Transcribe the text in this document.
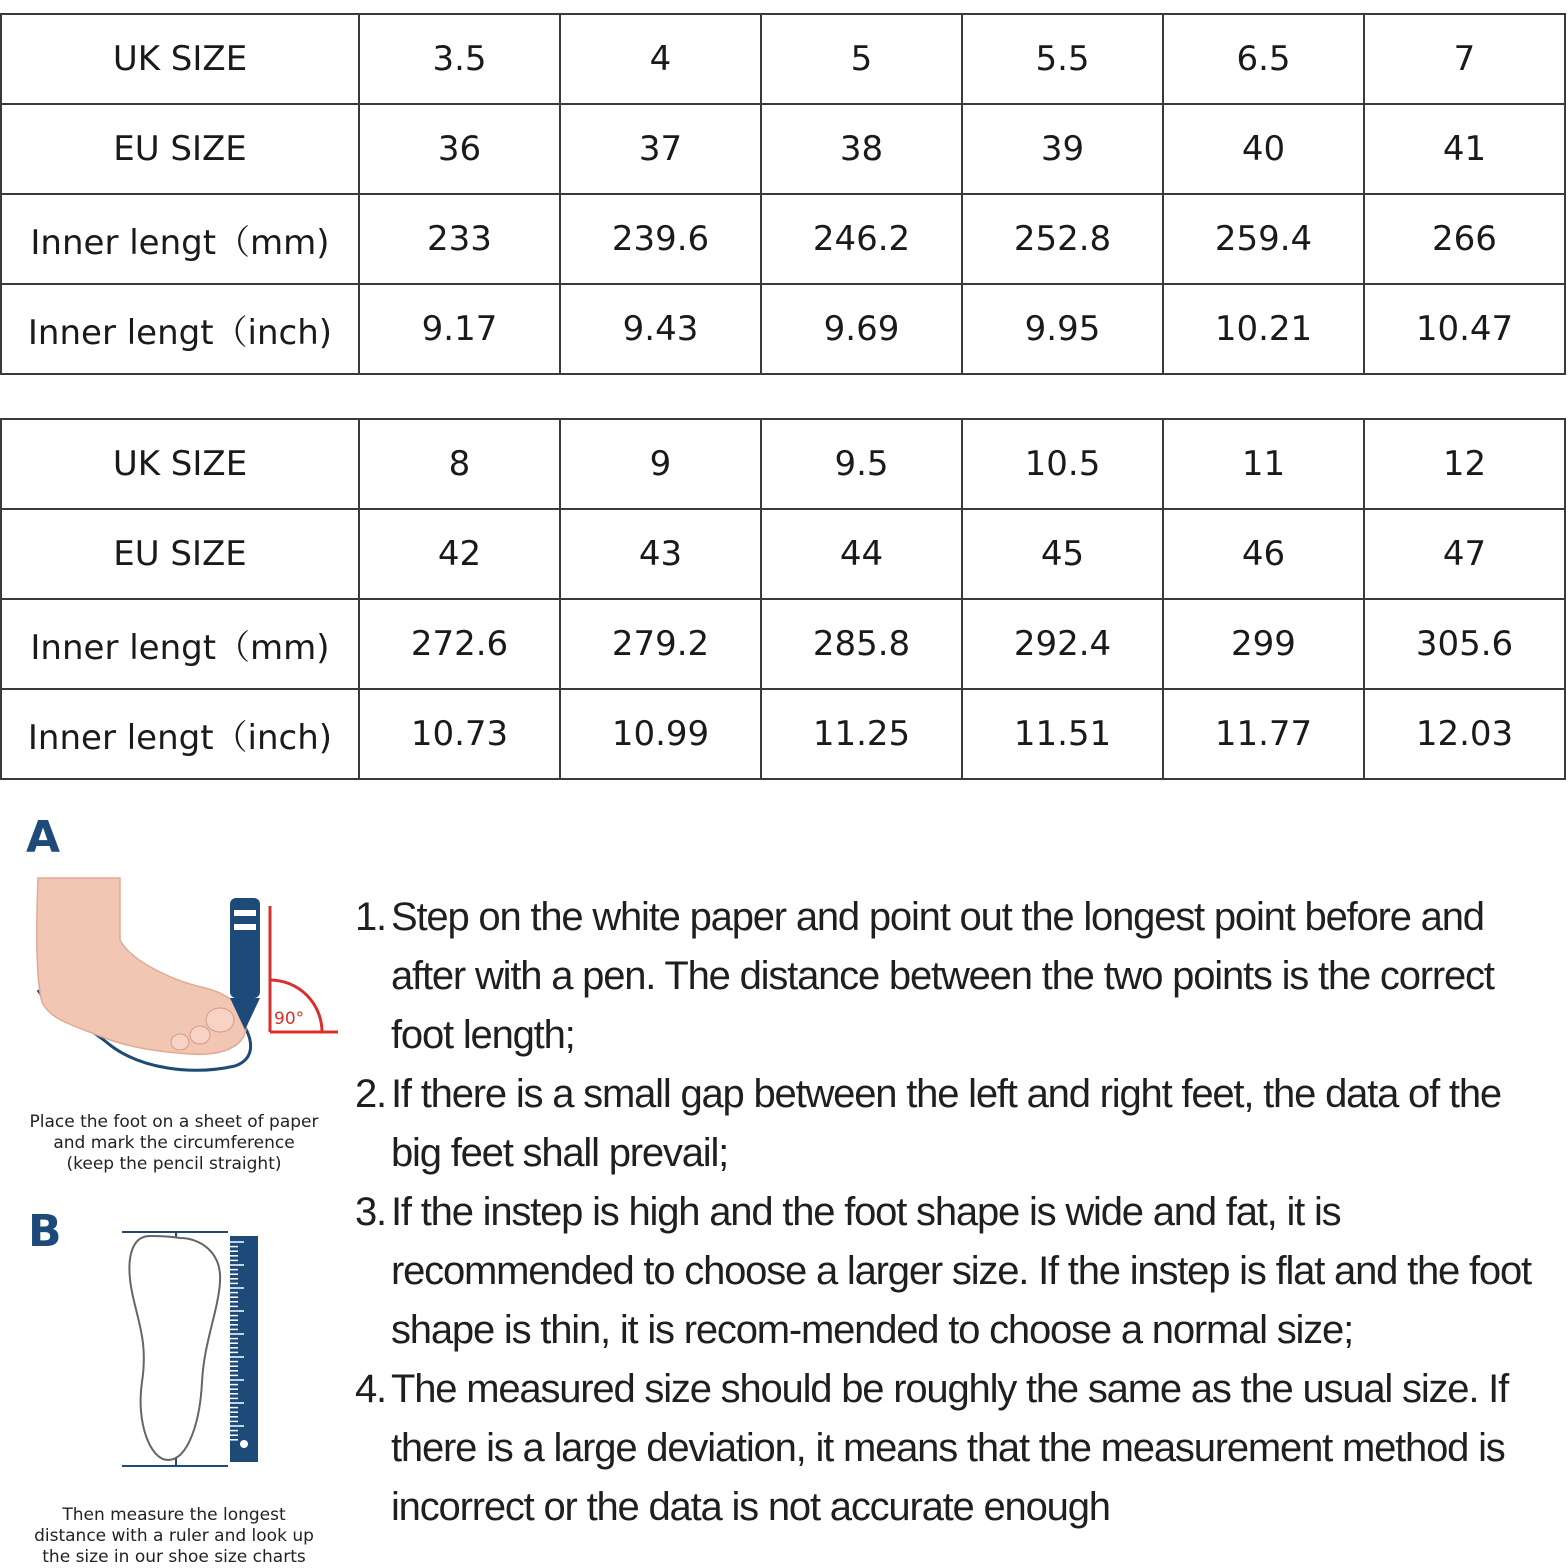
UK SIZE	3.5	4	5	5.5	6.5	7
EU SIZE	36	37	38	39	40	41
Inner lengt（mm)	233	239.6	246.2	252.8	259.4	266
Inner lengt（inch)	9.17	9.43	9.69	9.95	10.21	10.47
UK SIZE	8	9	9.5	10.5	11	12
EU SIZE	42	43	44	45	46	47
Inner lengt（mm)	272.6	279.2	285.8	292.4	299	305.6
Inner lengt（inch)	10.73	10.99	11.25	11.51	11.77	12.03
A
90°
Place the foot on a sheet of paper
and mark the circumference
(keep the pencil straight)
B
Then measure the longest
distance with a ruler and look up
the size in our shoe size charts
1. Step on the white paper and point out the longest point before and after with a pen. The distance between the two points is the correct foot length;
2. If there is a small gap between the left and right feet, the data of the big feet shall prevail;
3. If the instep is high and the foot shape is wide and fat, it is recommended to choose a larger size. If the instep is flat and the foot shape is thin, it is recom-mended to choose a normal size;
4. The measured size should be roughly the same as the usual size. If there is a large deviation, it means that the measurement method is incorrect or the data is not accurate enough
